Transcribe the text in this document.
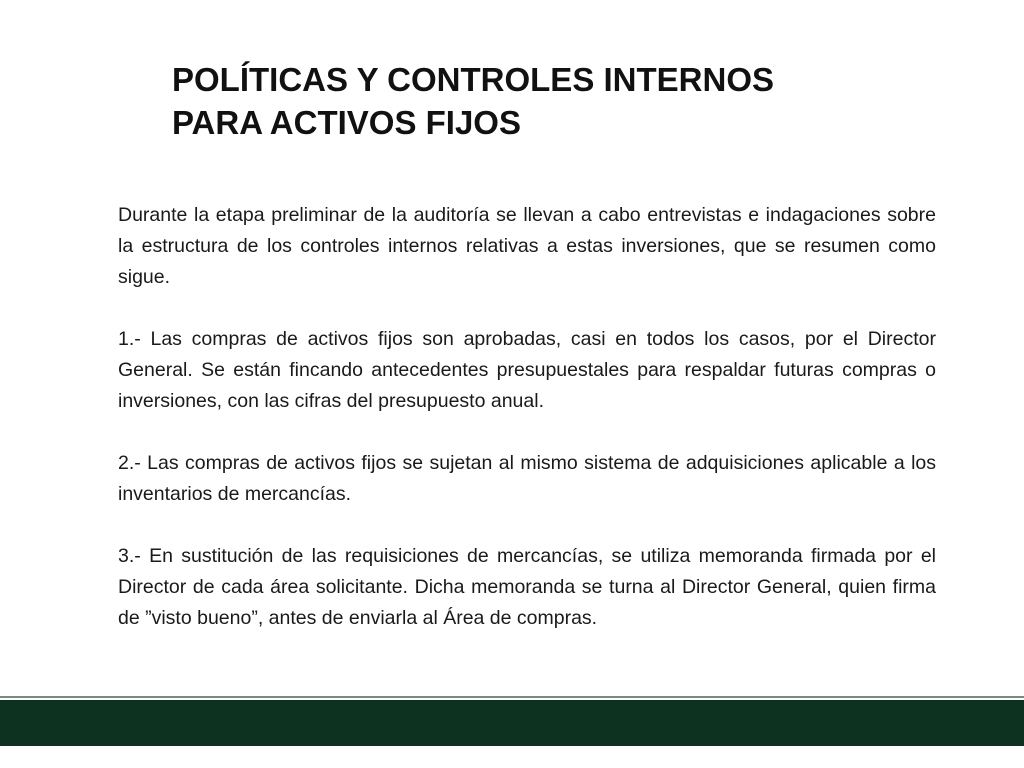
POLÍTICAS Y CONTROLES INTERNOS
PARA ACTIVOS FIJOS

Durante la etapa preliminar de la auditoría se llevan a cabo entrevistas e indagaciones sobre la estructura de los controles internos relativas a estas inversiones, que se resumen como sigue.

1.- Las compras de activos fijos son aprobadas, casi en todos los casos, por el Director General. Se están fincando antecedentes presupuestales para respaldar futuras compras o inversiones, con las cifras del presupuesto anual.

2.- Las compras de activos fijos se sujetan al mismo sistema de adquisiciones aplicable a los inventarios de mercancías.

3.- En sustitución de las requisiciones de mercancías, se utiliza memoranda firmada por el Director de cada área solicitante. Dicha memoranda se turna al Director General, quien firma de ”visto bueno”, antes de enviarla al Área de compras.
